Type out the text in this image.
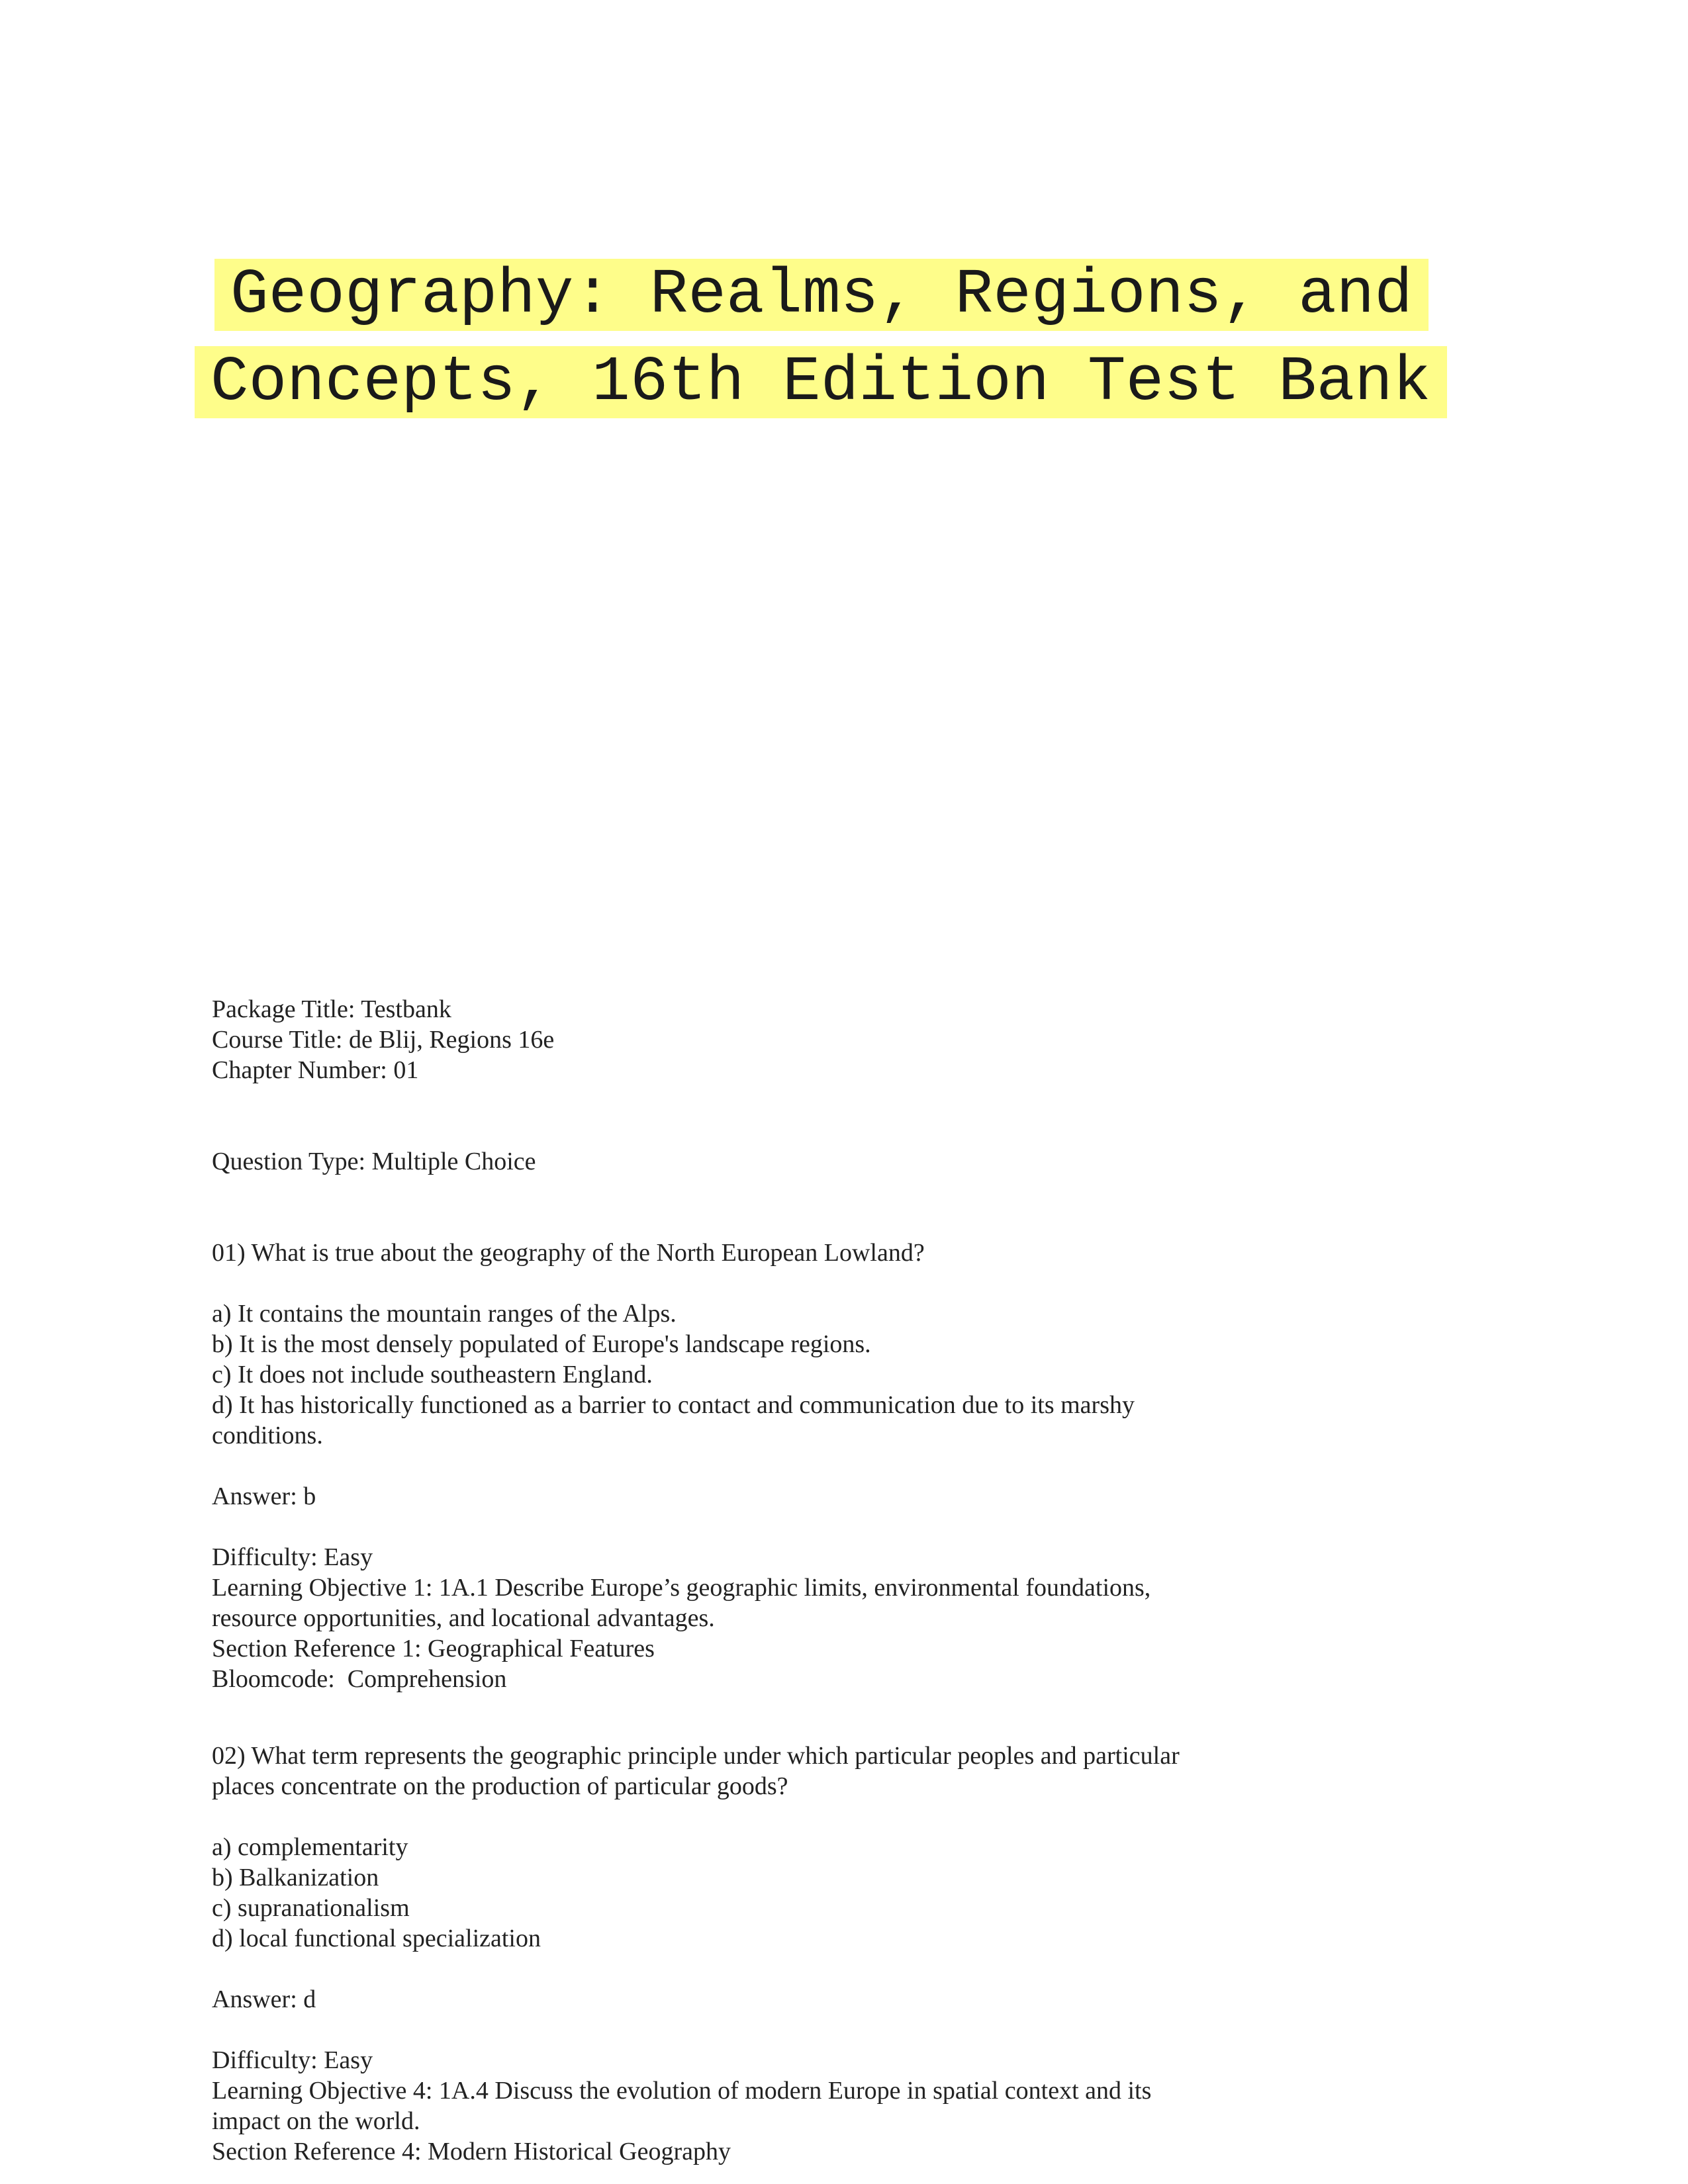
Geography: Realms, Regions, and
Concepts, 16th Edition Test Bank
Package Title: Testbank
Course Title: de Blij, Regions 16e
Chapter Number: 01
Question Type: Multiple Choice
01) What is true about the geography of the North European Lowland?
a) It contains the mountain ranges of the Alps.
b) It is the most densely populated of Europe's landscape regions.
c) It does not include southeastern England.
d) It has historically functioned as a barrier to contact and communication due to its marshy
conditions.
Answer: b
Difficulty: Easy
Learning Objective 1: 1A.1 Describe Europe’s geographic limits, environmental foundations,
resource opportunities, and locational advantages.
Section Reference 1: Geographical Features
Bloomcode:  Comprehension
02) What term represents the geographic principle under which particular peoples and particular
places concentrate on the production of particular goods?
a) complementarity
b) Balkanization
c) supranationalism
d) local functional specialization
Answer: d
Difficulty: Easy
Learning Objective 4: 1A.4 Discuss the evolution of modern Europe in spatial context and its
impact on the world.
Section Reference 4: Modern Historical Geography
